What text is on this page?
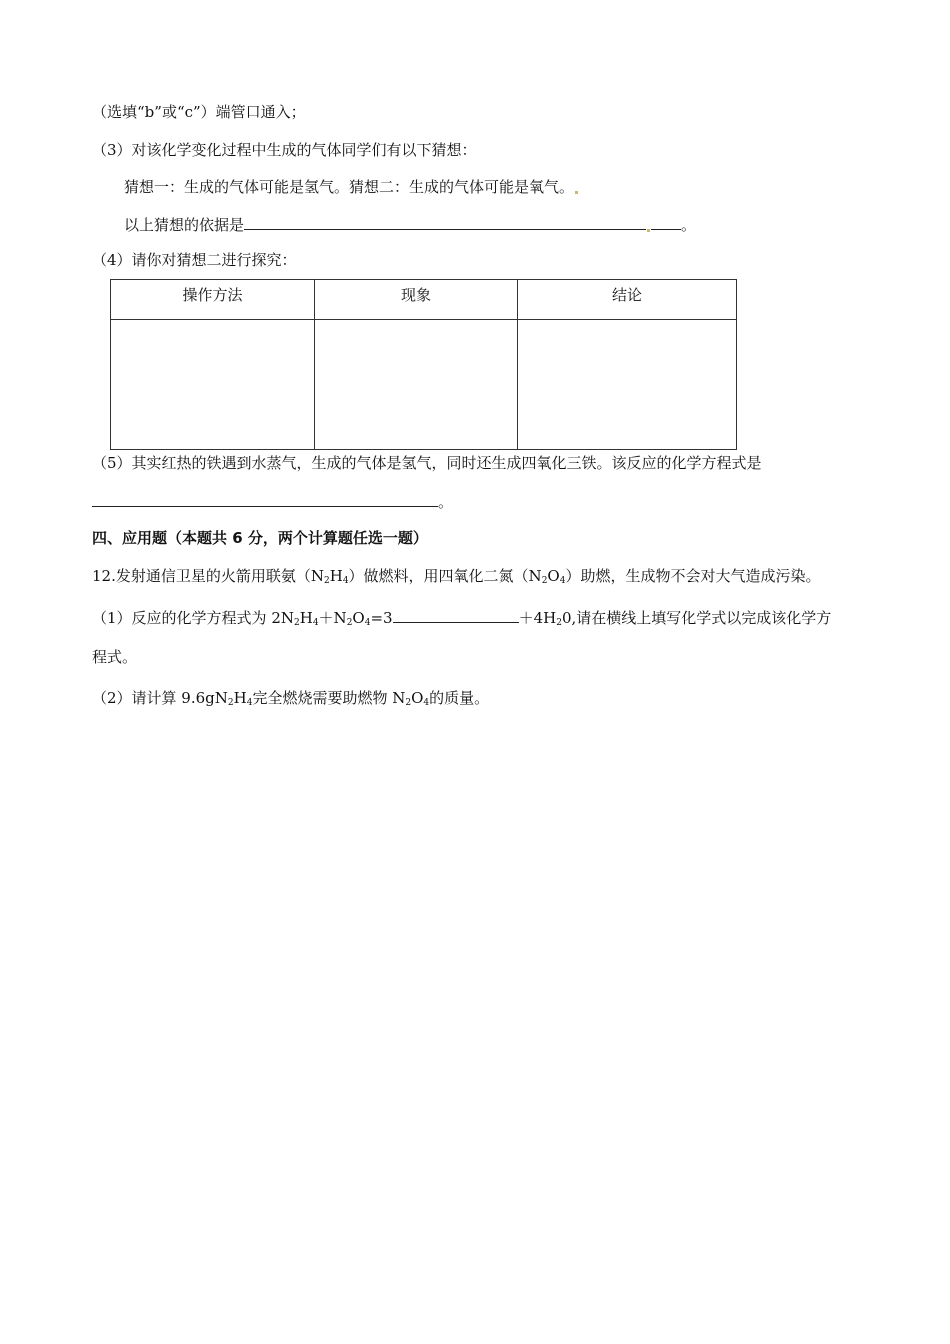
（选填“b”或“c”）端管口通入；
（3）对该化学变化过程中生成的气体同学们有以下猜想：
猜想一：生成的气体可能是氢气。猜想二：生成的气体可能是氧气。
以上猜想的依据是	。
（4）请你对猜想二进行探究：
操作方法	现象	结论

（5）其实红热的铁遇到水蒸气，生成的气体是氢气，同时还生成四氧化三铁。该反应的化学方程式是
。
四、应用题（本题共 6 分，两个计算题任选一题）
12.发射通信卫星的火箭用联氨$(N_2H_4)$做燃料，用四氧化二氮$(N_2O_4)$助燃，生成物不会对大气造成污染。
（1）反应的化学方程式为 $2N_2H_4+N_2O_4=3$	$+4H_20$,请在横线上填写化学式以完成该化学方
程式。
（2）请计算 $9.6gN_2H_4$完全燃烧需要助燃物 $N_2O_4$的质量。
